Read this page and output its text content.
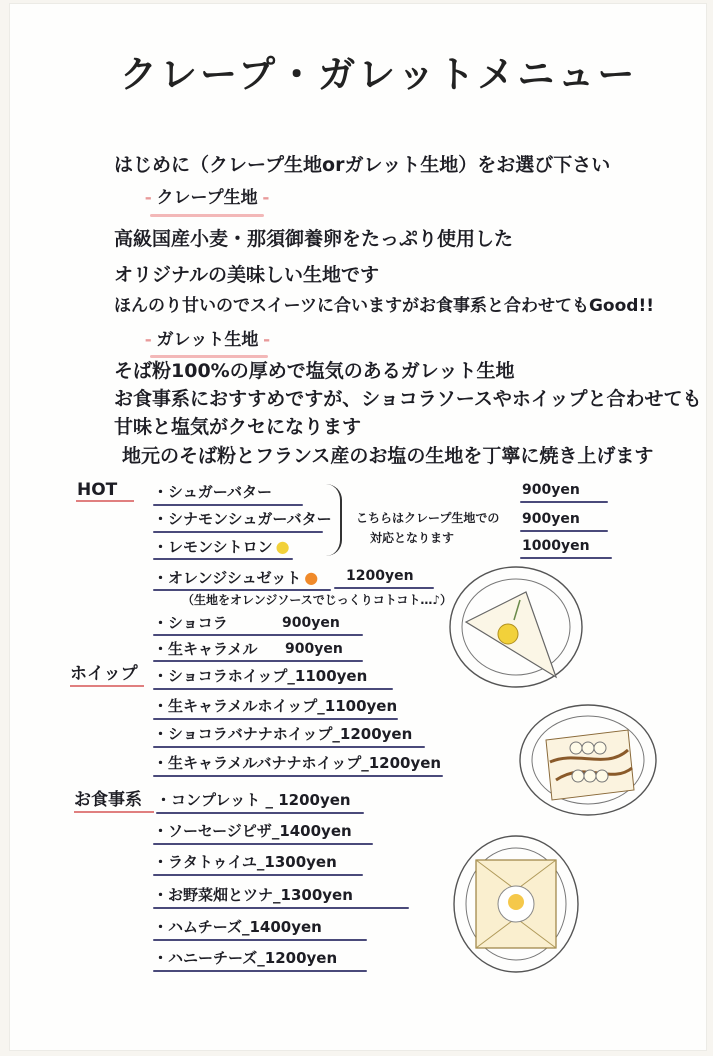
クレープ・ガレットメニュー
はじめに（クレープ生地orガレット生地）をお選び下さい
⁃ クレープ生地 ⁃
高級国産小麦・那須御養卵をたっぷり使用した
オリジナルの美味しい生地です
ほんのり甘いのでスイーツに合いますがお食事系と合わせてもGood!!
⁃ ガレット生地 ⁃
そば粉100%の厚めで塩気のあるガレット生地
お食事系におすすめですが、ショコラソースやホイップと合わせても
甘味と塩気がクセになります
地元のそば粉とフランス産のお塩の生地を丁寧に焼き上げます
HOT ・シュガーバター	900yen
・シナモンシュガーバター	900yen
・レモンシトロン ●	1000yen
こちらはクレープ生地での
対応となります
・オレンジシュゼット ● 1200yen
（生地をオレンジソースでじっくりコトコト…♪）
・ショコラ	900yen
・生キャラメル 900yen
ホイップ ・ショコラホイップ_1100yen
・生キャラメルホイップ_1100yen
・ショコラバナナホイップ_1200yen
・生キャラメルバナナホイップ_1200yen
お食事系 ・コンプレット _ 1200yen
・ソーセージピザ_1400yen
・ラタトゥイユ_1300yen
・お野菜畑とツナ_1300yen
・ハムチーズ_1400yen
・ハニーチーズ_1200yen
